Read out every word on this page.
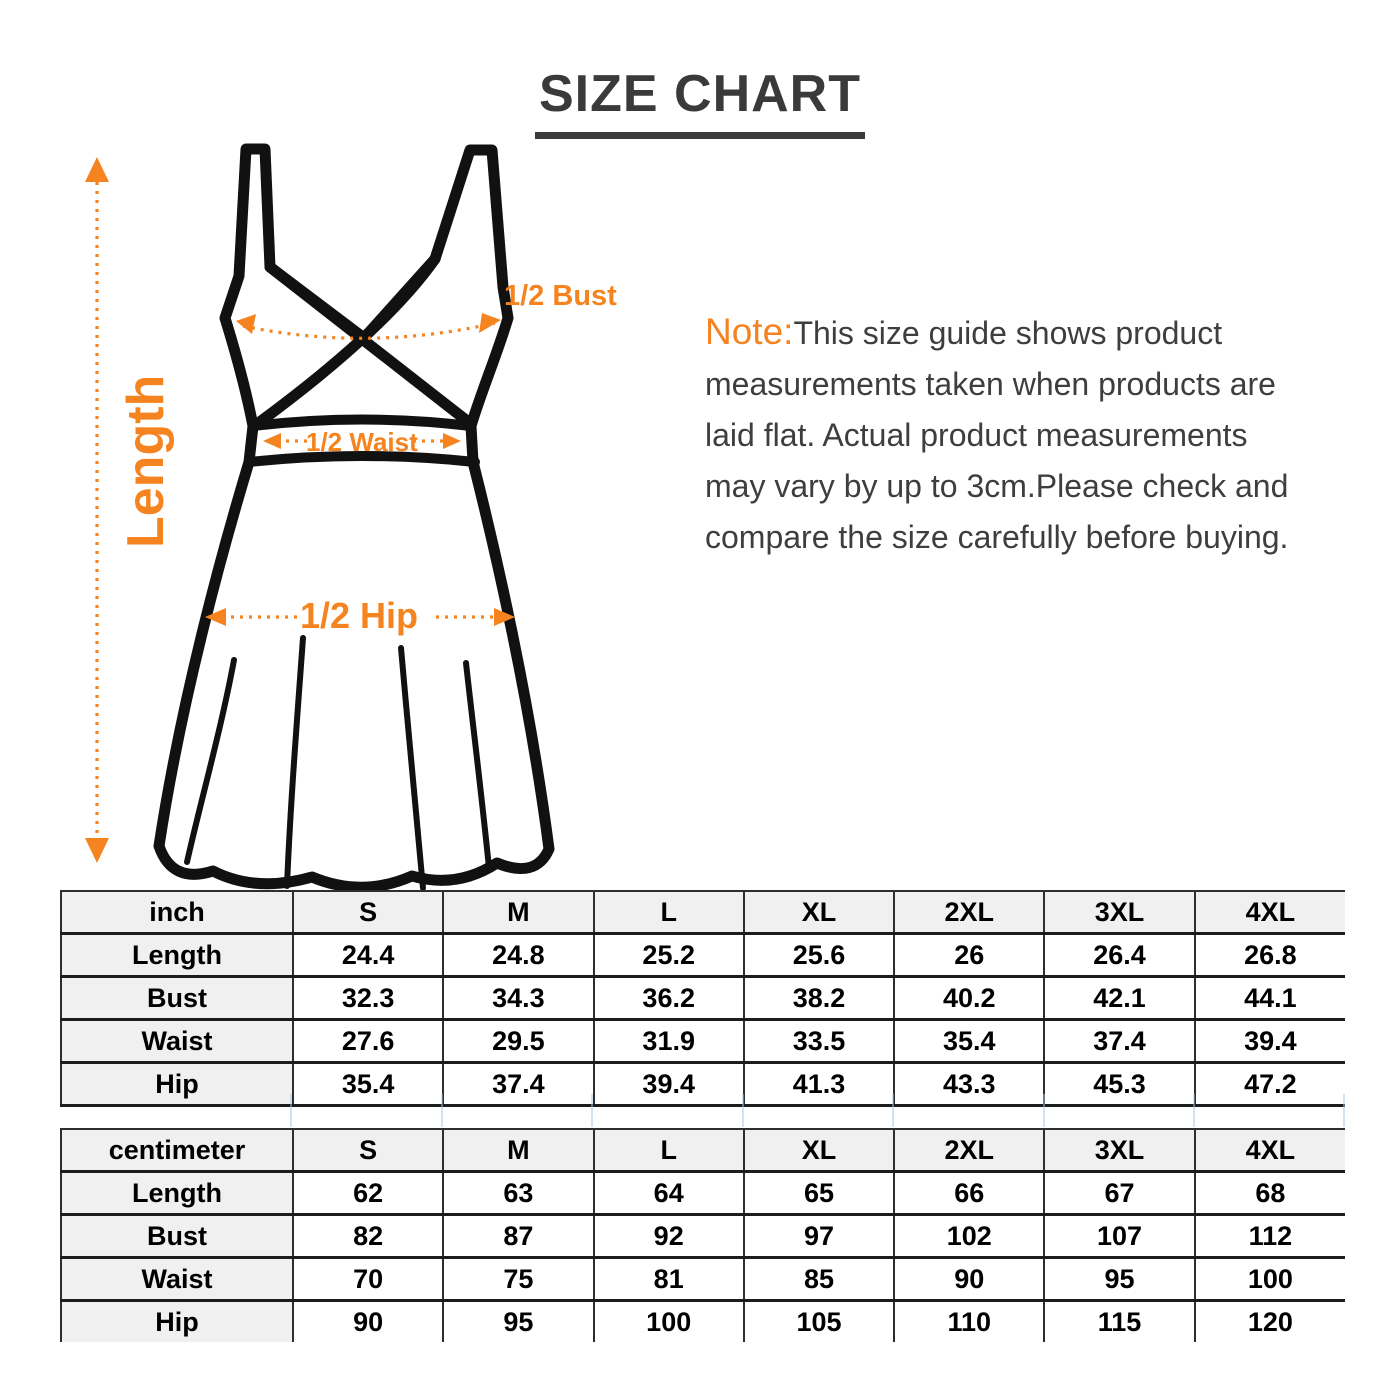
SIZE CHART
Length
1/2 Bust
1/2 Waist
1/2 Hip

Note:This size guide shows product

measurements taken when products are

laid flat. Actual product measurements

may vary by up to 3cm.Please check and

compare the size carefully before buying.

inch	S	M	L	XL	2XL	3XL	4XL
Length	24.4	24.8	25.2	25.6	26	26.4	26.8
Bust	32.3	34.3	36.2	38.2	40.2	42.1	44.1
Waist	27.6	29.5	31.9	33.5	35.4	37.4	39.4
Hip	35.4	37.4	39.4	41.3	43.3	45.3	47.2
centimeter	S	M	L	XL	2XL	3XL	4XL
Length	62	63	64	65	66	67	68
Bust	82	87	92	97	102	107	112
Waist	70	75	81	85	90	95	100
Hip	90	95	100	105	110	115	120
